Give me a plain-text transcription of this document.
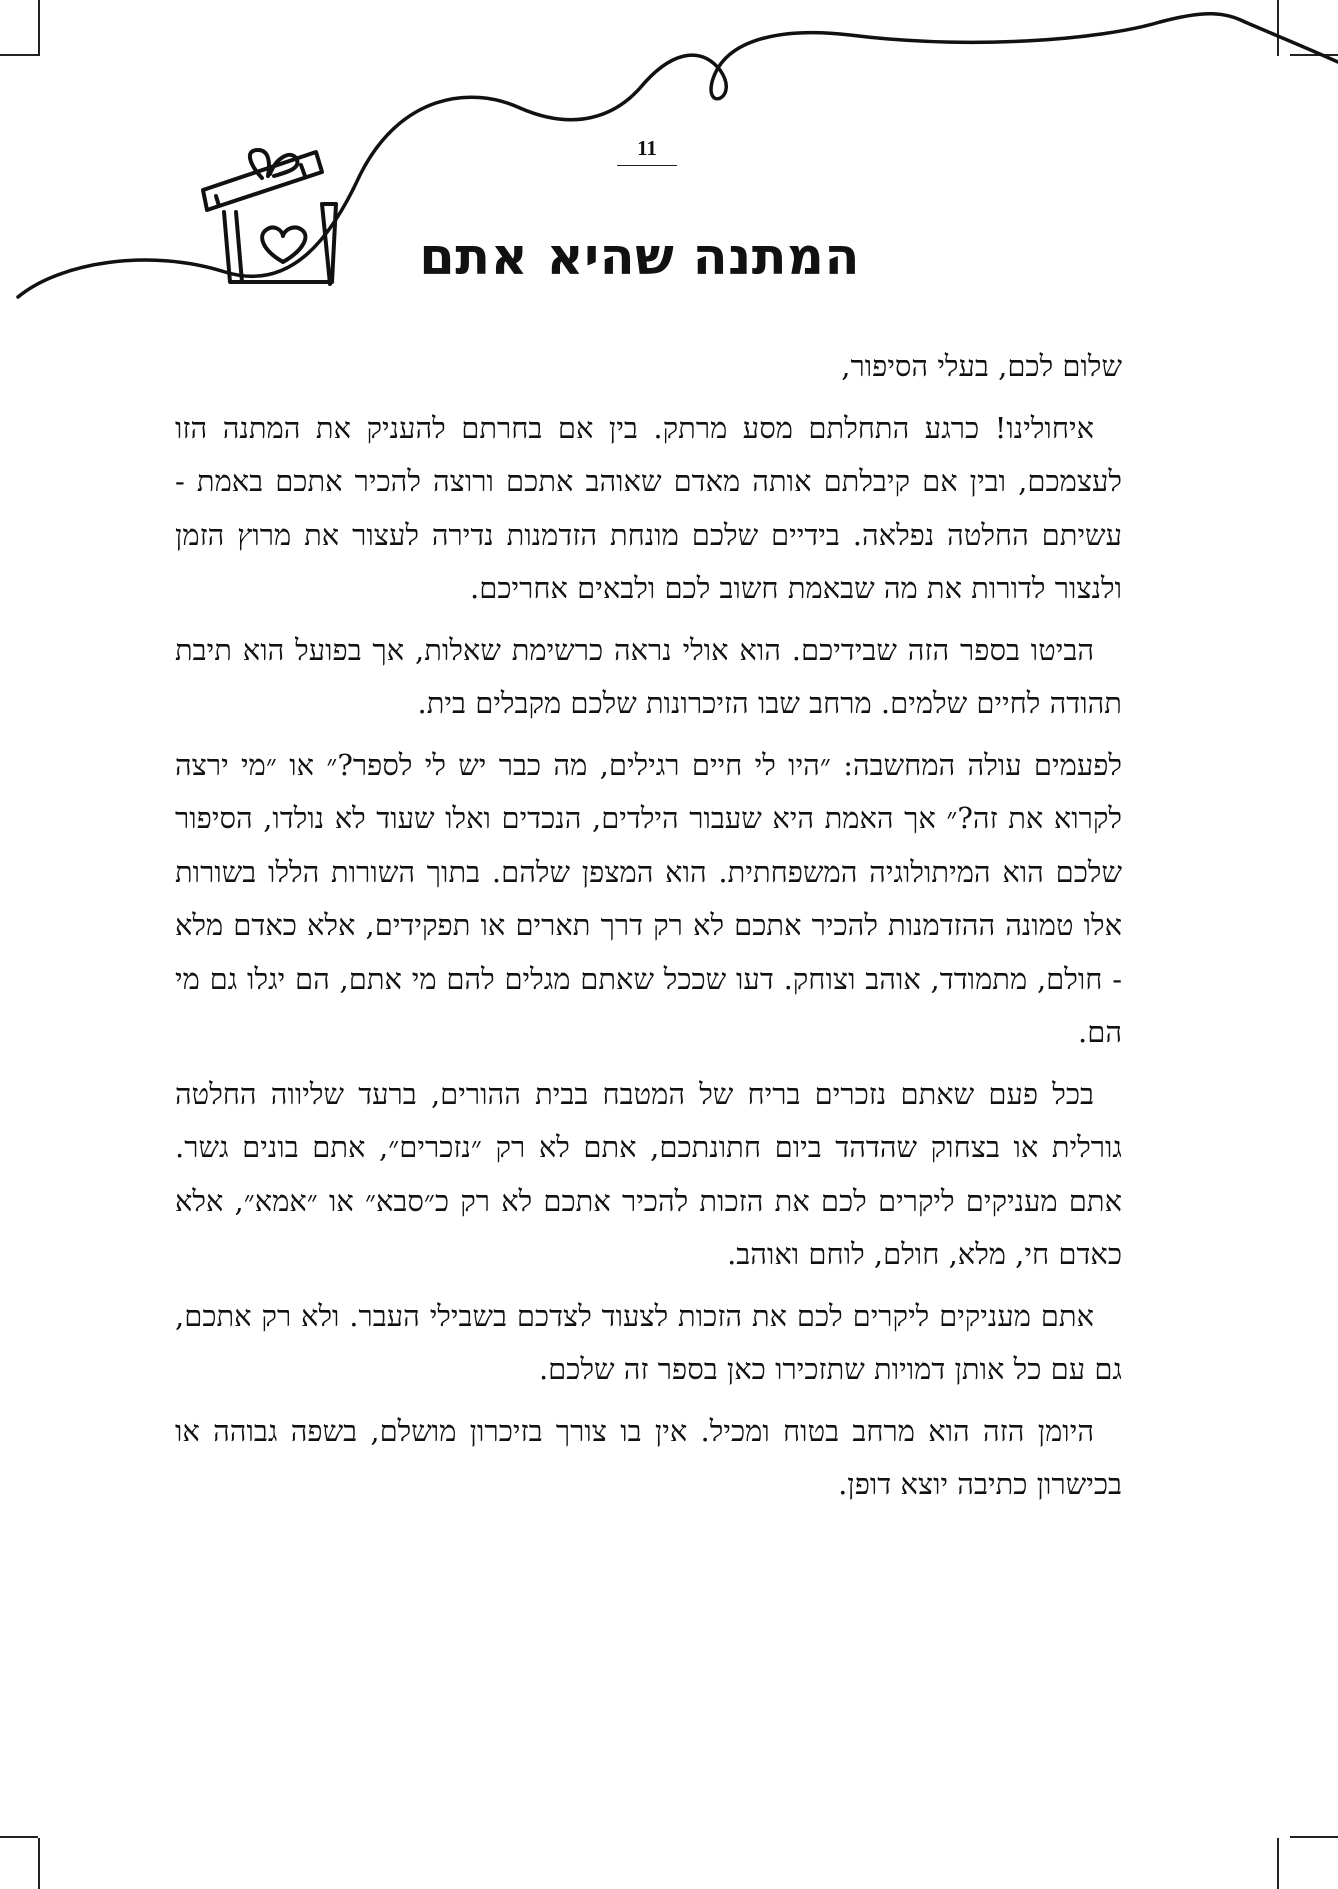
11
המתנה שהיא אתם

שלום לכם, בעלי הסיפור,

איחולינו! כרגע התחלתם מסע מרתק. בין אם בחרתם להעניק את המתנה הזו לעצמכם, ובין אם קיבלתם אותה מאדם שאוהב אתכם ורוצה להכיר אתכם באמת - עשיתם החלטה נפלאה. בידיים שלכם מונחת הזדמנות נדירה לעצור את מרוץ הזמן ולנצור לדורות את מה שבאמת חשוב לכם ולבאים אחריכם.

הביטו בספר הזה שבידיכם. הוא אולי נראה כרשימת שאלות, אך בפועל הוא תיבת תהודה לחיים שלמים. מרחב שבו הזיכרונות שלכם מקבלים בית.

לפעמים עולה המחשבה: ״היו לי חיים רגילים, מה כבר יש לי לספר?״ או ״מי ירצה לקרוא את זה?״ אך האמת היא שעבור הילדים, הנכדים ואלו שעוד לא נולדו, הסיפור שלכם הוא המיתולוגיה המשפחתית. הוא המצפן שלהם. בתוך השורות הללו בשורות אלו טמונה ההזדמנות להכיר אתכם לא רק דרך תארים או תפקידים, אלא כאדם מלא - חולם, מתמודד, אוהב וצוחק. דעו שככל שאתם מגלים להם מי אתם, הם יגלו גם מי הם.

בכל פעם שאתם נזכרים בריח של המטבח בבית ההורים, ברעד שליווה החלטה גורלית או בצחוק שהדהד ביום חתונתכם, אתם לא רק ״נזכרים״, אתם בונים גשר. אתם מעניקים ליקרים לכם את הזכות להכיר אתכם לא רק כ״סבא״ או ״אמא״, אלא כאדם חי, מלא, חולם, לוחם ואוהב.

אתם מעניקים ליקרים לכם את הזכות לצעוד לצדכם בשבילי העבר. ולא רק אתכם, גם עם כל אותן דמויות שתזכירו כאן בספר זה שלכם.

היומן הזה הוא מרחב בטוח ומכיל. אין בו צורך בזיכרון מושלם, בשפה גבוהה או בכישרון כתיבה יוצא דופן.
